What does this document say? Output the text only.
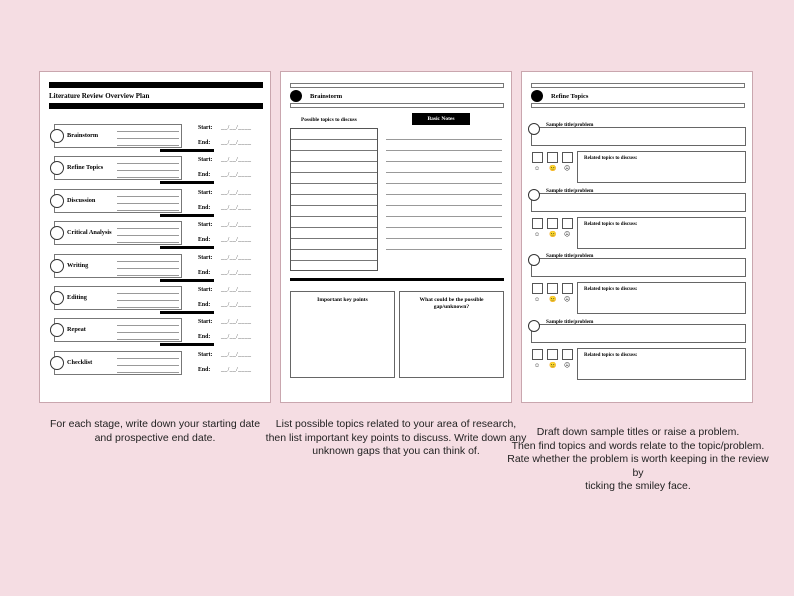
Literature Review Overview Plan
Brainstorm
Start: __/__/____
End: __/__/____
Refine Topics
Start: __/__/____
End: __/__/____
Discussion
Start: __/__/____
End: __/__/____
Critical Analysis
Start: __/__/____
End: __/__/____
Writing
Start: __/__/____
End: __/__/____
Editing
Start: __/__/____
End: __/__/____
Repeat
Start: __/__/____
End: __/__/____
Checklist
Start: __/__/____
End: __/__/____
Brainstorm
Possible topics to discuss	Basic Notes
Important key points	What could be the possible gap/unknown?
Refine Topics
Sample title/problem
☺ 😐 ☹
Related topics to discuss:
Sample title/problem
☺ 😐 ☹
Related topics to discuss:
Sample title/problem
☺ 😐 ☹
Related topics to discuss:
Sample title/problem
☺ 😐 ☹
Related topics to discuss:
For each stage, write down your starting date
and prospective end date.
List possible topics related to your area of research,
then list important key points to discuss. Write down any
unknown gaps that you can think of.
Draft down sample titles or raise a problem.
Then find topics and words relate to the topic/problem.
Rate whether the problem is worth keeping in the review by
ticking the smiley face.
